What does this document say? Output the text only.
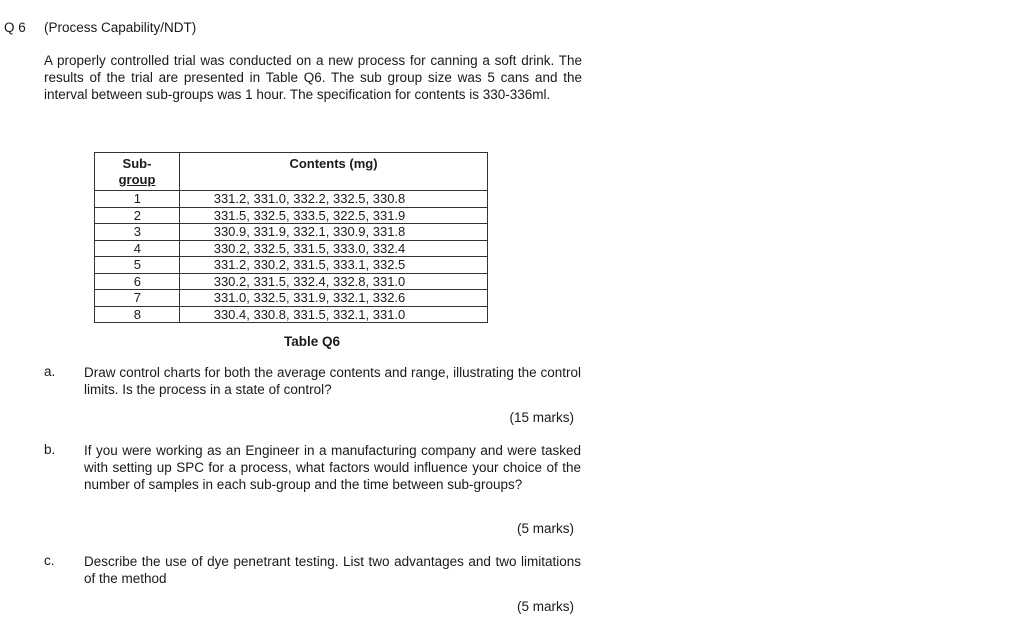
Q 6 (Process Capability/NDT)
A properly controlled trial was conducted on a new process for canning a soft drink. The results of the trial are presented in Table Q6. The sub group size was 5 cans and the interval between sub-groups was 1 hour. The specification for contents is 330-336ml.
Sub-
group	Contents (mg)
1	331.2, 331.0, 332.2, 332.5, 330.8
2	331.5, 332.5, 333.5, 322.5, 331.9
3	330.9, 331.9, 332.1, 330.9, 331.8
4	330.2, 332.5, 331.5, 333.0, 332.4
5	331.2, 330.2, 331.5, 333.1, 332.5
6	330.2, 331.5, 332.4, 332.8, 331.0
7	331.0, 332.5, 331.9, 332.1, 332.6
8	330.4, 330.8, 331.5, 332.1, 331.0
Table Q6
a. Draw control charts for both the average contents and range, illustrating the control limits. Is the process in a state of control?
(15 marks)
b. If you were working as an Engineer in a manufacturing company and were tasked with setting up SPC for a process, what factors would influence your choice of the number of samples in each sub-group and the time between sub-groups?
(5 marks)
c. Describe the use of dye penetrant testing. List two advantages and two limitations of the method
(5 marks)
